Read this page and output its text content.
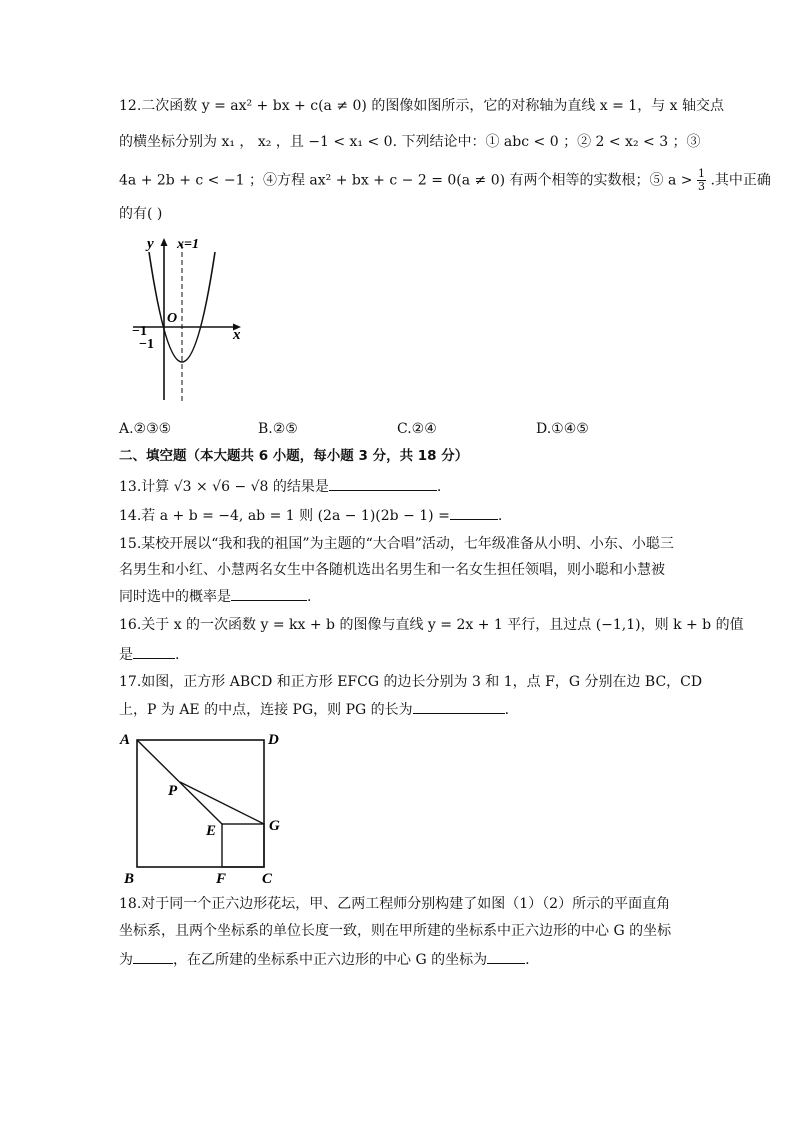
12.二次函数 y = ax² + bx + c(a ≠ 0) 的图像如图所示，它的对称轴为直线 x = 1，与 x 轴交点
的横坐标分别为 x₁ ， x₂ ，且 −1 < x₁ < 0. 下列结论中：① abc < 0 ；② 2 < x₂ < 3 ；③
4a + 2b + c < −1 ；④方程 ax² + bx + c − 2 = 0(a ≠ 0) 有两个相等的实数根；⑤ $a > \frac{1}{3}$ .其中正确
的有( )
y x=1
O
x
−1
−1
A.②③⑤	B.②⑤	C.②④	D.①④⑤
二、填空题（本大题共 6 小题，每小题 3 分，共 18 分）
13.计算 √3 × √6 − √8 的结果是	.
14.若 a + b = −4, ab = 1 则 (2a − 1)(2b − 1) =	.
15.某校开展以“我和我的祖国”为主题的“大合唱”活动，七年级准备从小明、小东、小聪三
名男生和小红、小慧两名女生中各随机选出名男生和一名女生担任领唱，则小聪和小慧被
同时选中的概率是	.
16.关于 x 的一次函数 y = kx + b 的图像与直线 y = 2x + 1 平行，且过点 (−1,1)，则 k + b 的值
是	.
17.如图，正方形 ABCD 和正方形 EFCG 的边长分别为 3 和 1，点 F，G 分别在边 BC，CD
上，P 为 AE 的中点，连接 PG，则 PG 的长为	.
A	D
P
E	G
B	F C
18.对于同一个正六边形花坛，甲、乙两工程师分别构建了如图（1）（2）所示的平面直角
坐标系，且两个坐标系的单位长度一致，则在甲所建的坐标系中正六边形的中心 G 的坐标
为	，在乙所建的坐标系中正六边形的中心 G 的坐标为	.
